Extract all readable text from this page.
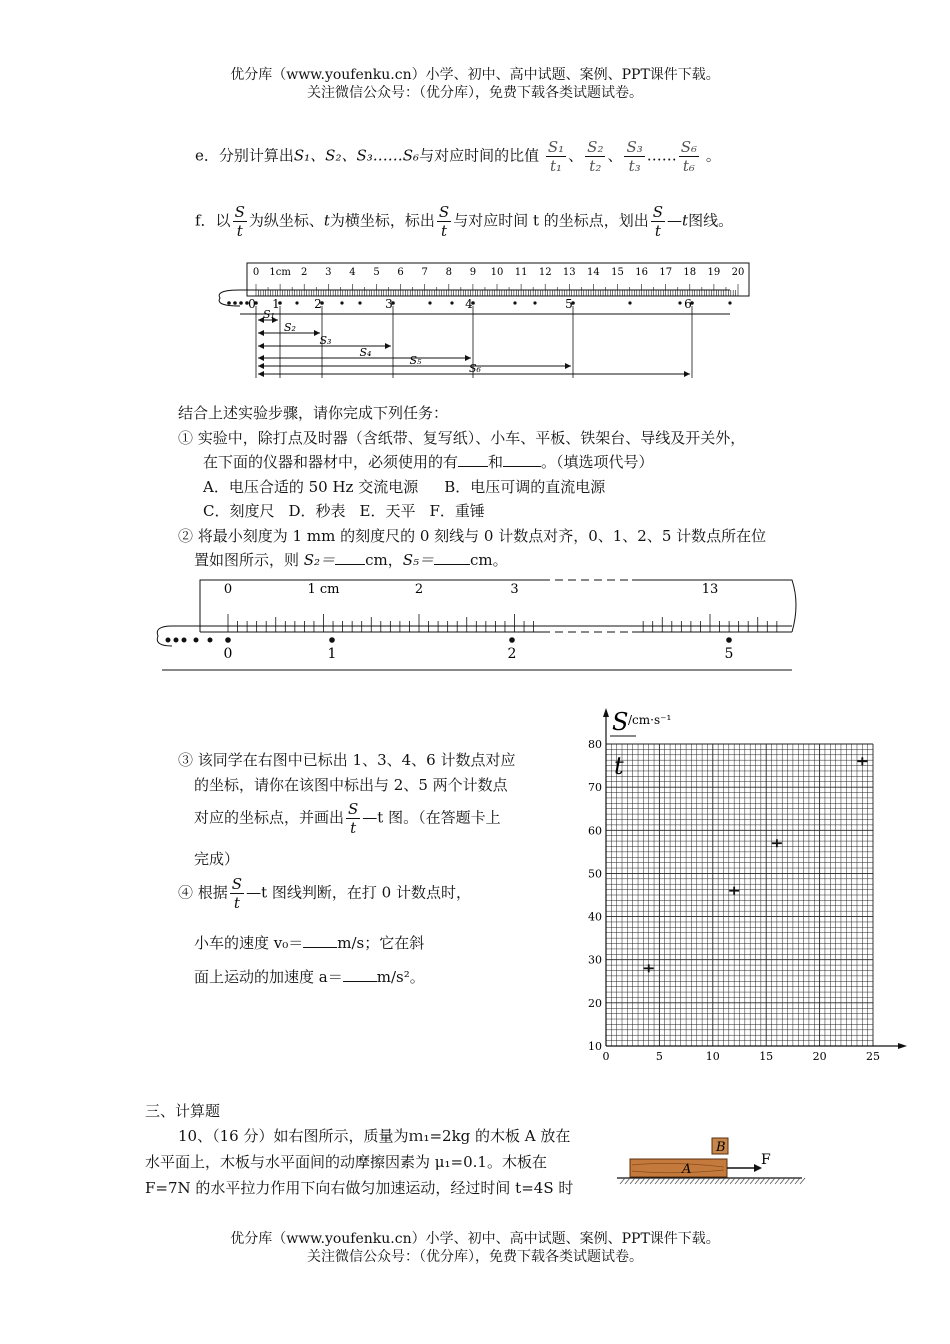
优分库（www.youfenku.cn）小学、初中、高中试题、案例、PPT课件下载。
关注微信公众号：（优分库），免费下载各类试题试卷。
e．分别计算出S₁、S₂、S₃……S₆与对应时间的比值 $\frac{\text{S₁}}{\text{t₁}}$ 、 $\frac{\text{S₂}}{\text{t₂}}$ 、 $\frac{\text{S₃}}{\text{t₃}}$ …… $\frac{\text{S₆}}{\text{t₆}}$ 。
f．以 $\frac{S}{t}$ 为纵坐标、t为横坐标，标出 $\frac{S}{t}$ 与对应时间 t 的坐标点，划出 $\frac{S}{t}$ —t图线。
0 1cm 2 3 4 5 6 7 8 9 10 11 12 13 14 15 16 17 18 19 20
0 1	2	3	4	5	6
S₁
S₂
S₃
S₄
S₅
S₆
结合上述实验步骤，请你完成下列任务：
① 实验中，除打点及时器（含纸带、复写纸）、小车、平板、铁架台、导线及开关外，
在下面的仪器和器材中，必须使用的有 和	。（填选项代号）
A．电压合适的 50 Hz 交流电源 B．电压可调的直流电源
C．刻度尺 D．秒表 E．天平 F．重锤
② 将最小刻度为 1 mm 的刻度尺的 0 刻线与 0 计数点对齐，0、1、2、5 计数点所在位
置如图所示，则 S₂＝ cm，S₅＝ cm。
0	1 cm	2	3	13
0	1	2	5
③ 该同学在右图中已标出 1、3、4、6 计数点对应
的坐标，请你在该图中标出与 2、5 两个计数点
对应的坐标点，并画出 $\frac{S}{t}$ —t 图。（在答题卡上
完成）
④ 根据 $\frac{S}{t}$ —t 图线判断，在打 0 计数点时，
小车的速度 v₀＝ m/s；它在斜
面上运动的加速度 a＝ m/s²。
0	5	10	15	20	25
10
20
30
40
50
60
70
80
S /cm·s⁻¹
t
三、计算题
10、（16 分）如右图所示，质量为ｍ₁=2kg 的木板 A 放在
水平面上，木板与水平面间的动摩擦因素为 μ₁=0.1。木板在
F=7N 的水平拉力作用下向右做匀加速运动，经过时间 t=4S 时
B
A
F
优分库（www.youfenku.cn）小学、初中、高中试题、案例、PPT课件下载。
关注微信公众号：（优分库），免费下载各类试题试卷。
